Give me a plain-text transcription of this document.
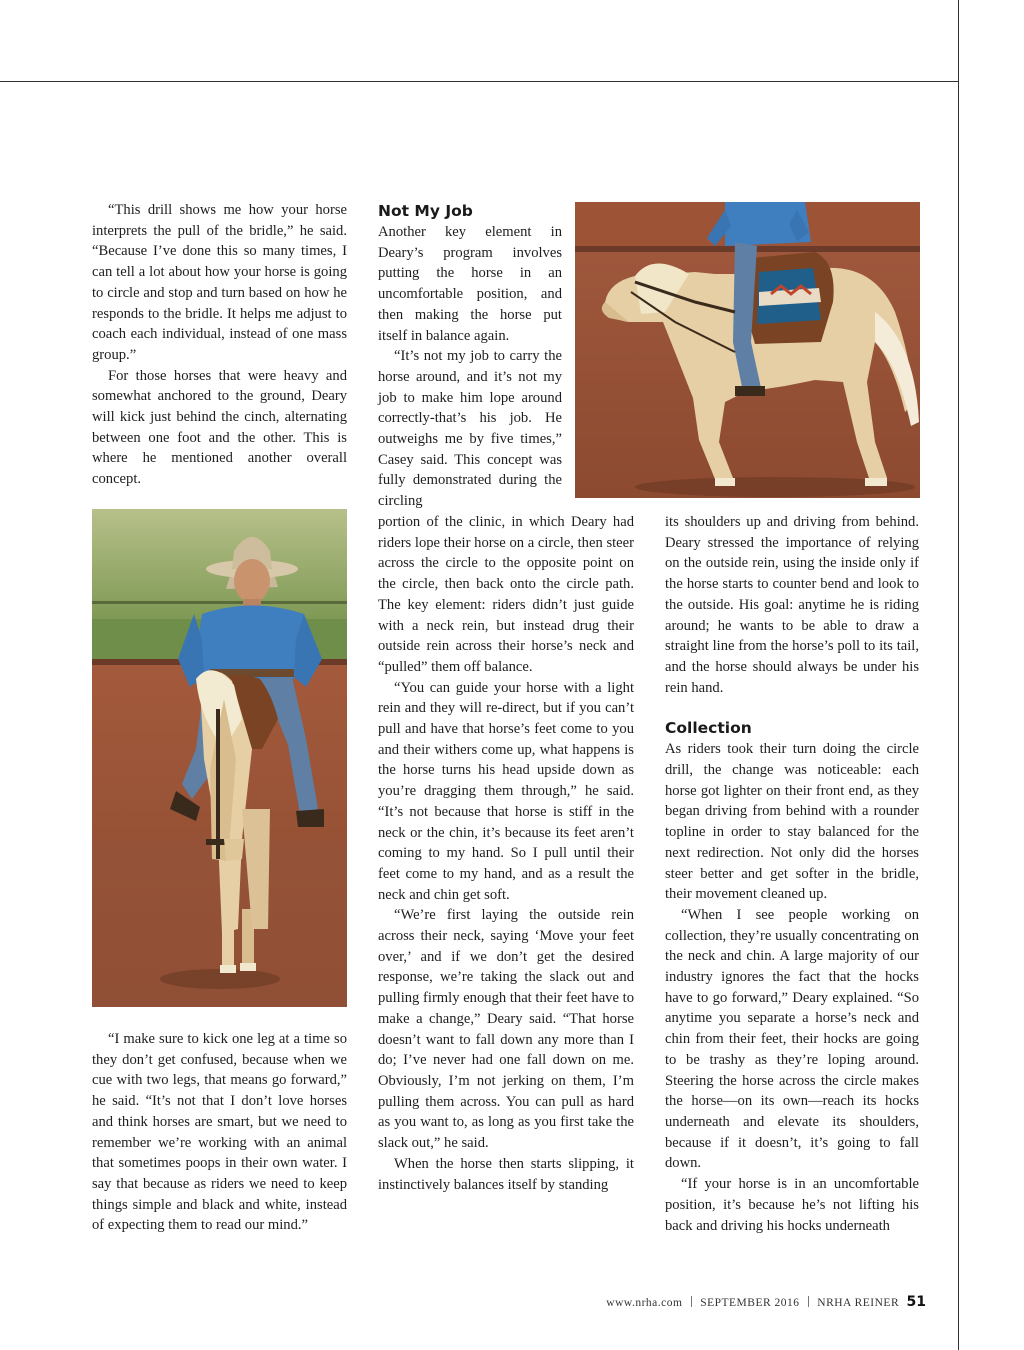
“This drill shows me how your horse interprets the pull of the bridle,” he said. “Because I’ve done this so many times, I can tell a lot about how your horse is going to circle and stop and turn based on how he responds to the bridle. It helps me adjust to coach each individual, instead of one mass group.”

For those horses that were heavy and somewhat anchored to the ground, Deary will kick just behind the cinch, alternating between one foot and the other. This is where he mentioned another overall concept.

“I make sure to kick one leg at a time so they don’t get confused, because when we cue with two legs, that means go forward,” he said. “It’s not that I don’t love horses and think horses are smart, but we need to remember we’re working with an animal that sometimes poops in their own water. I say that because as riders we need to keep things simple and black and white, instead of expecting them to read our mind.”

Not My Job

Another key element in Deary’s program involves putting the horse in an uncomfortable position, and then making the horse put itself in balance again.

“It’s not my job to carry the horse around, and it’s not my job to make him lope around correctly-that’s his job. He outweighs me by five times,” Casey said. This concept was fully demonstrated during the circling

portion of the clinic, in which Deary had riders lope their horse on a circle, then steer across the circle to the opposite point on the circle, then back onto the circle path. The key element: riders didn’t just guide with a neck rein, but instead drug their outside rein across their horse’s neck and “pulled” them off balance.

“You can guide your horse with a light rein and they will re-direct, but if you can’t pull and have that horse’s feet come to you and their withers come up, what happens is the horse turns his head upside down as you’re dragging them through,” he said. “It’s not because that horse is stiff in the neck or the chin, it’s because its feet aren’t coming to my hand. So I pull until their feet come to my hand, and as a result the neck and chin get soft.

“We’re first laying the outside rein across their neck, saying ‘Move your feet over,’ and if we don’t get the desired response, we’re taking the slack out and pulling firmly enough that their feet have to make a change,” Deary said. “That horse doesn’t want to fall down any more than I do; I’ve never had one fall down on me. Obviously, I’m not jerking on them, I’m pulling them across. You can pull as hard as you want to, as long as you first take the slack out,” he said.

When the horse then starts slipping, it instinctively balances itself by standing

its shoulders up and driving from behind. Deary stressed the importance of relying on the outside rein, using the inside only if the horse starts to counter bend and look to the outside. His goal: anytime he is riding around; he wants to be able to draw a straight line from the horse’s poll to its tail, and the horse should always be under his rein hand.

Collection

As riders took their turn doing the circle drill, the change was noticeable: each horse got lighter on their front end, as they began driving from behind with a rounder topline in order to stay balanced for the next redirection. Not only did the horses steer better and get softer in the bridle, their movement cleaned up.

“When I see people working on collection, they’re usually concentrating on the neck and chin. A large majority of our industry ignores the fact that the hocks have to go forward,” Deary explained. “So anytime you separate a horse’s neck and chin from their feet, their hocks are going to be trashy as they’re loping around. Steering the horse across the circle makes the horse—on its own—reach its hocks underneath and elevate its shoulders, because if it doesn’t, it’s going to fall down.

“If your horse is in an uncomfortable position, it’s because he’s not lifting his back and driving his hocks underneath

www.nrha.com SEPTEMBER 2016 NRHA REINER 51
